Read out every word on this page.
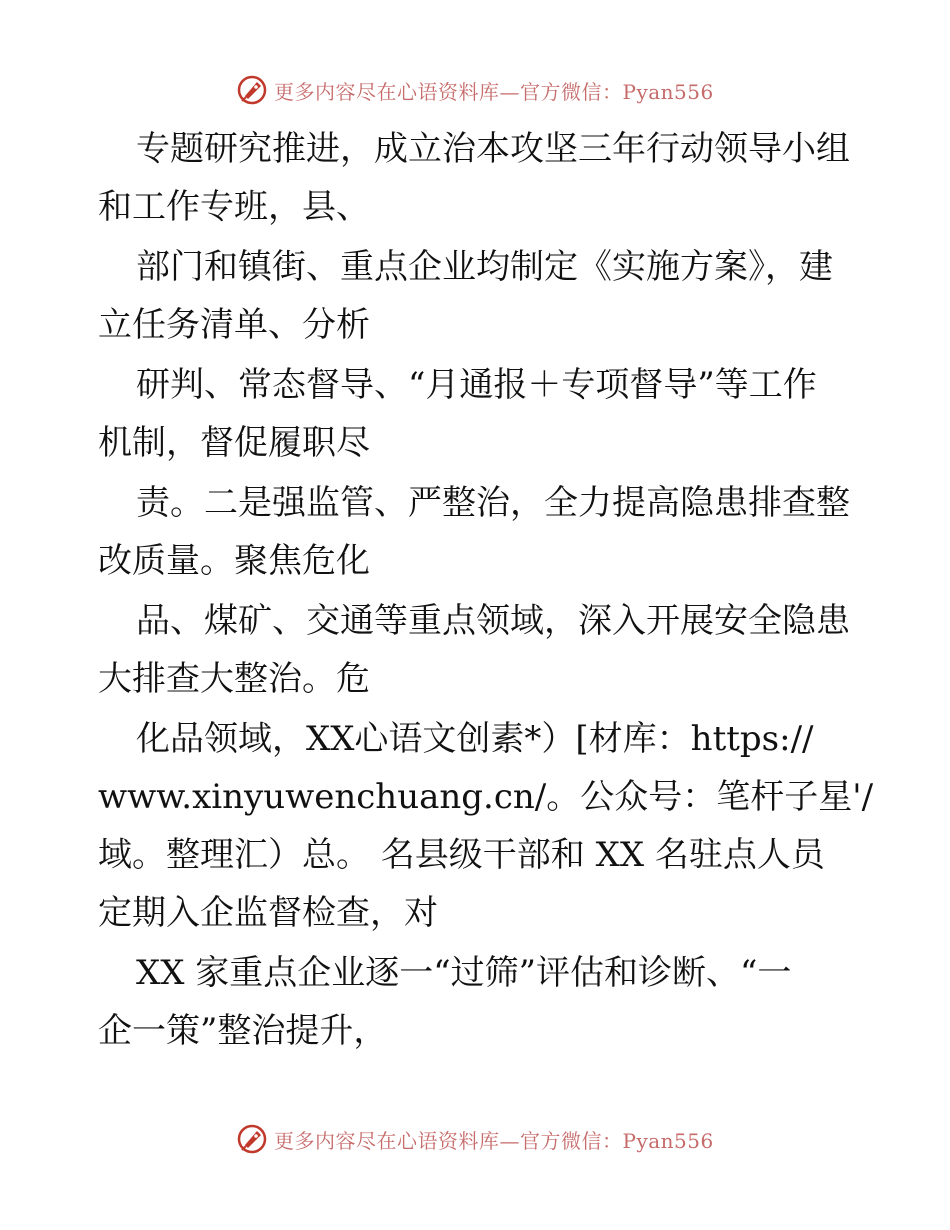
更多内容尽在心语资料库—官方微信：Pyan556

专题研究推进，成立治本攻坚三年行动领导小组
和工作专班，县、

部门和镇街、重点企业均制定《实施方案》，建
立任务清单、分析

研判、常态督导、“月通报＋专项督导”等工作
机制，督促履职尽

责。二是强监管、严整治，全力提高隐患排查整
改质量。聚焦危化

品、煤矿、交通等重点领域，深入开展安全隐患
大排查大整治。危

化品领域，XX心语文创素*）[材库：https://
www.xinyuwenchuang.cn/。公众号：笔杆子星'/
域。整理汇）总。 名县级干部和 XX 名驻点人员
定期入企监督检查，对

XX 家重点企业逐一“过筛”评估和诊断、“一
企一策”整治提升，

更多内容尽在心语资料库—官方微信：Pyan556
